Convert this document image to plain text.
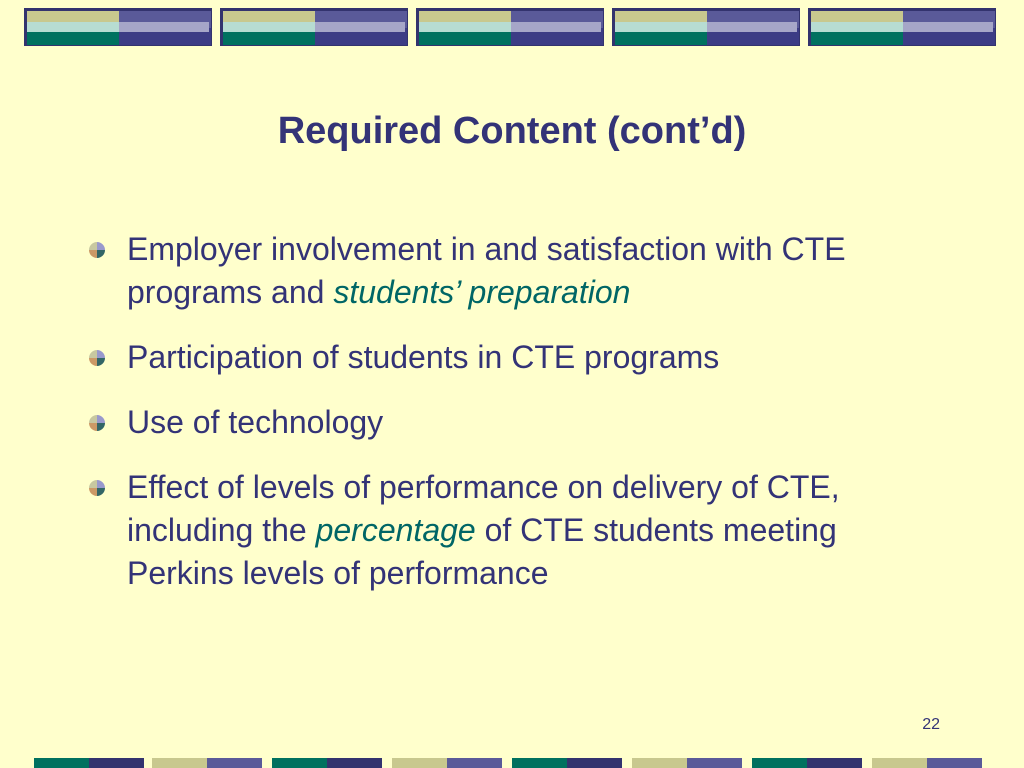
Required Content (cont’d)
Employer involvement in and satisfaction with CTE programs and students’ preparation
Participation of students in CTE programs
Use of technology
Effect of levels of performance on delivery of CTE, including the percentage of CTE students meeting Perkins levels of performance
22
